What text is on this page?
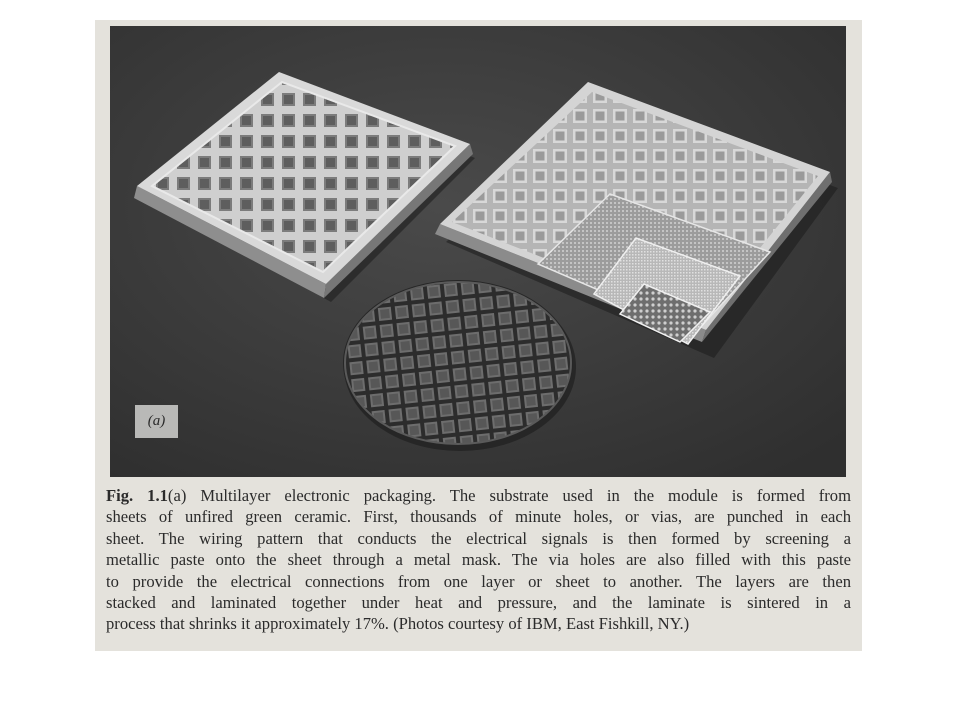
(a)
Fig. 1.1(a) Multilayer electronic packaging. The substrate used in the module is formed from
sheets of unfired green ceramic. First, thousands of minute holes, or vias, are punched in each
sheet. The wiring pattern that conducts the electrical signals is then formed by screening a
metallic paste onto the sheet through a metal mask. The via holes are also filled with this paste
to provide the electrical connections from one layer or sheet to another. The layers are then
stacked and laminated together under heat and pressure, and the laminate is sintered in a
process that shrinks it approximately 17%. (Photos courtesy of IBM, East Fishkill, NY.)
